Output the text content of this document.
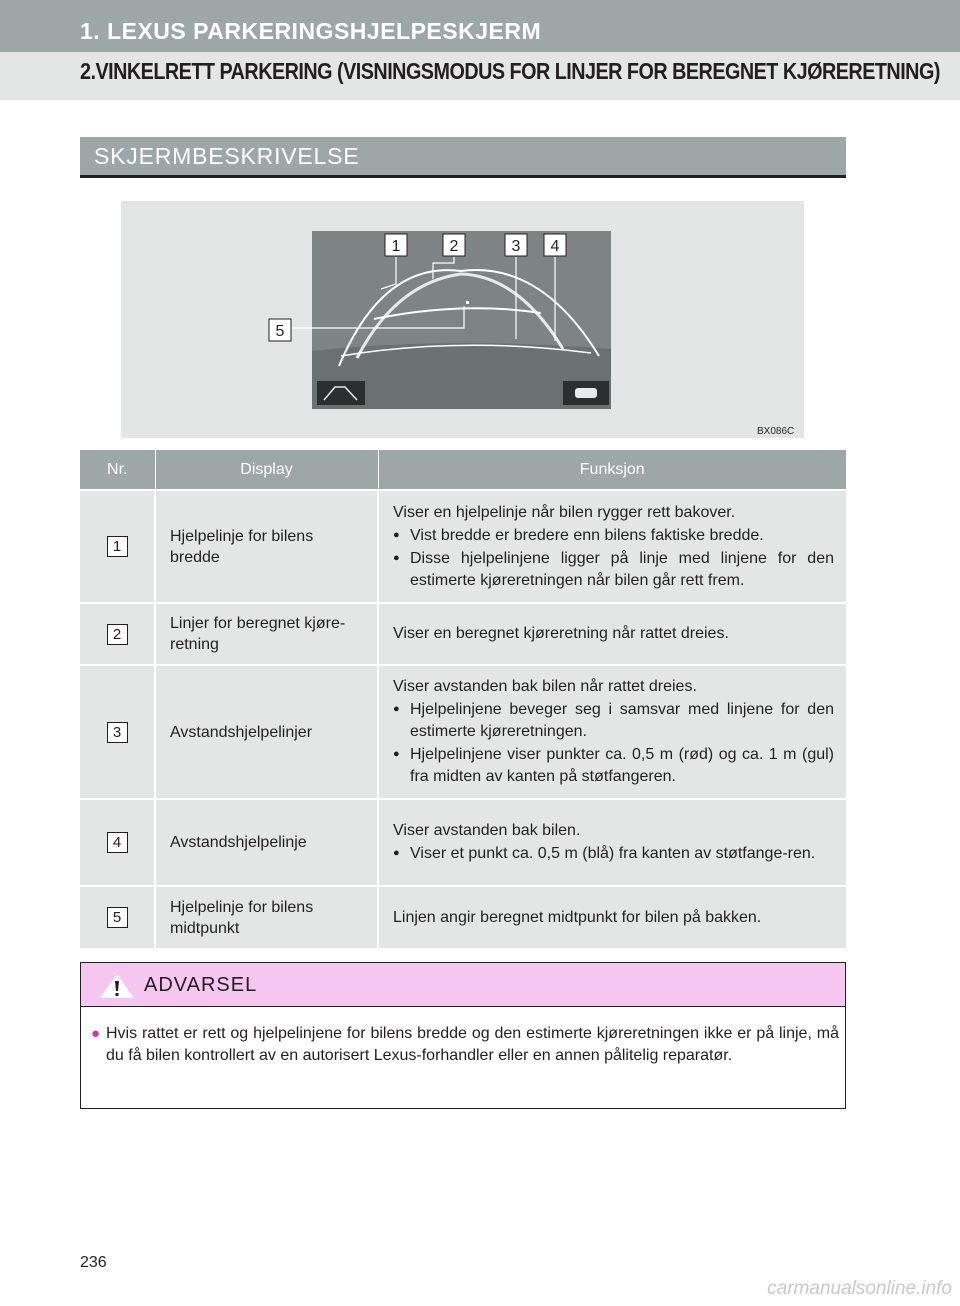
1. LEXUS PARKERINGSHJELPESKJERM
2.VINKELRETT PARKERING (VISNINGSMODUS FOR LINJER FOR BEREGNET KJØRERETNING)
SKJERMBESKRIVELSE
1	2	3 4
5
BX086C
Nr.	Display	Funksjon
1	Hjelpelinje for bilens bredde	Viser en hjelpelinje når bilen rygger rett bakover.
● Vist bredde er bredere enn bilens faktiske bredde.
● Disse hjelpelinjene ligger på linje med linjene for den estimerte kjøreretningen når bilen går rett frem.

2	Linjer for beregnet kjøre-retning	Viser en beregnet kjøreretning når rattet dreies.

3	Avstandshjelpelinjer	Viser avstanden bak bilen når rattet dreies.
● Hjelpelinjene beveger seg i samsvar med linjene for den estimerte kjøreretningen.
● Hjelpelinjene viser punkter ca. 0,5 m (rød) og ca. 1 m (gul) fra midten av kanten på støtfangeren.

4	Avstandshjelpelinje	Viser avstanden bak bilen.
● Viser et punkt ca. 0,5 m (blå) fra kanten av støtfange-ren.

5	Hjelpelinje for bilens midtpunkt	Linjen angir beregnet midtpunkt for bilen på bakken.
ADVARSEL
● Hvis rattet er rett og hjelpelinjene for bilens bredde og den estimerte kjøreretningen ikke er på linje, må du få bilen kontrollert av en autorisert Lexus-forhandler eller en annen pålitelig reparatør.
236
carmanualsonline.info
